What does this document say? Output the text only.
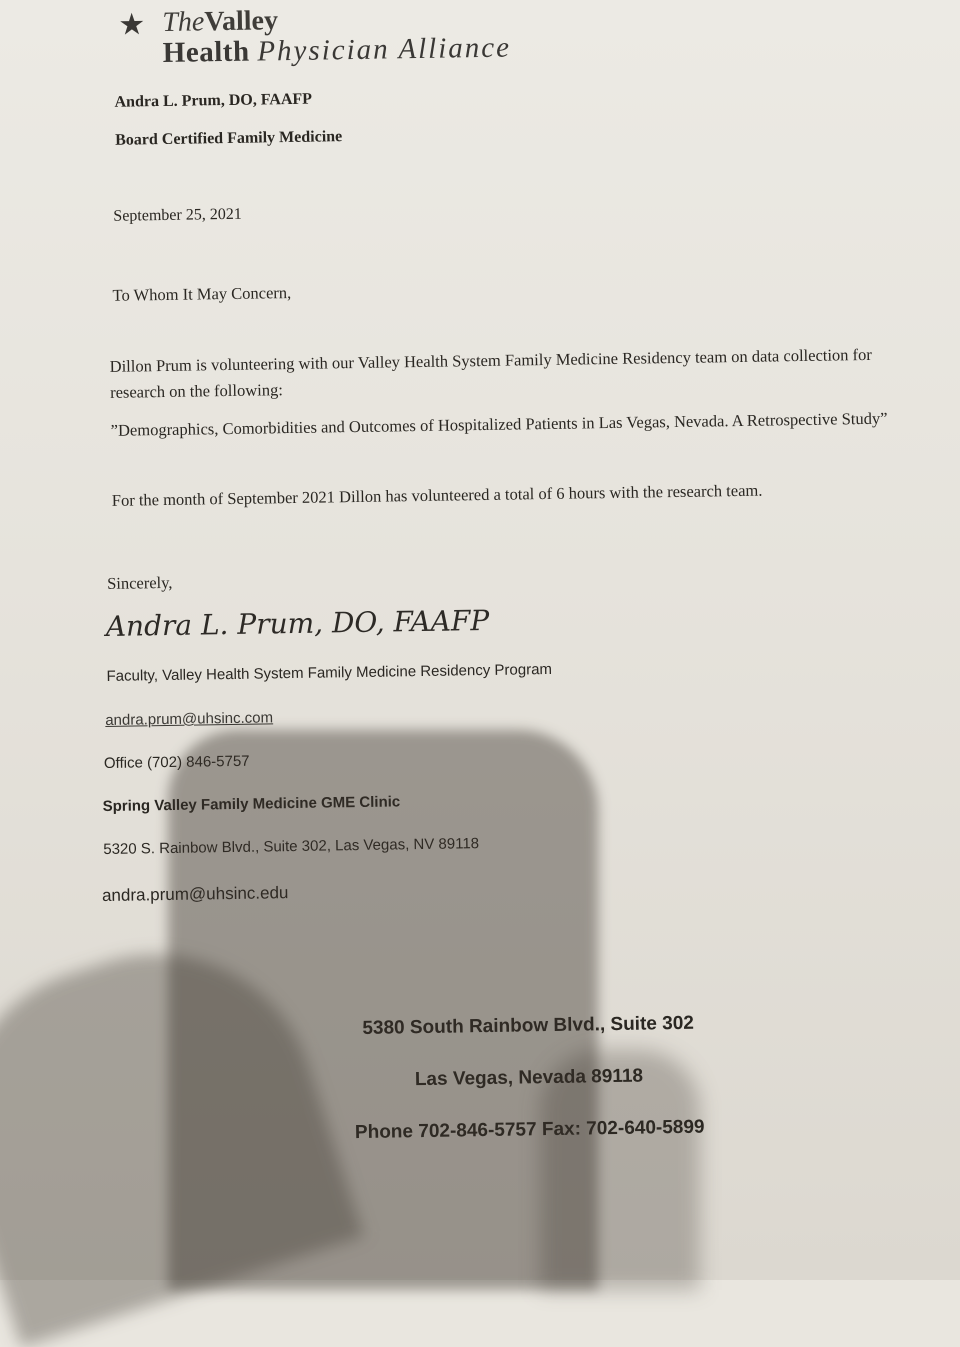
★ TheValley
Health Physician Alliance
Andra L. Prum, DO, FAAFP
Board Certified Family Medicine
September 25, 2021
To Whom It May Concern,
Dillon Prum is volunteering with our Valley Health System Family Medicine Residency team on data collection for research on the following:
”Demographics, Comorbidities and Outcomes of Hospitalized Patients in Las Vegas, Nevada. A Retrospective Study”
For the month of September 2021 Dillon has volunteered a total of 6 hours with the research team.
Sincerely,
Andra L. Prum, DO, FAAFP
Faculty, Valley Health System Family Medicine Residency Program
andra.prum@uhsinc.com
Office (702) 846-5757
Spring Valley Family Medicine GME Clinic
5320 S. Rainbow Blvd., Suite 302, Las Vegas, NV 89118
andra.prum@uhsinc.edu
5380 South Rainbow Blvd., Suite 302
Las Vegas, Nevada 89118
Phone 702-846-5757 Fax: 702-640-5899
